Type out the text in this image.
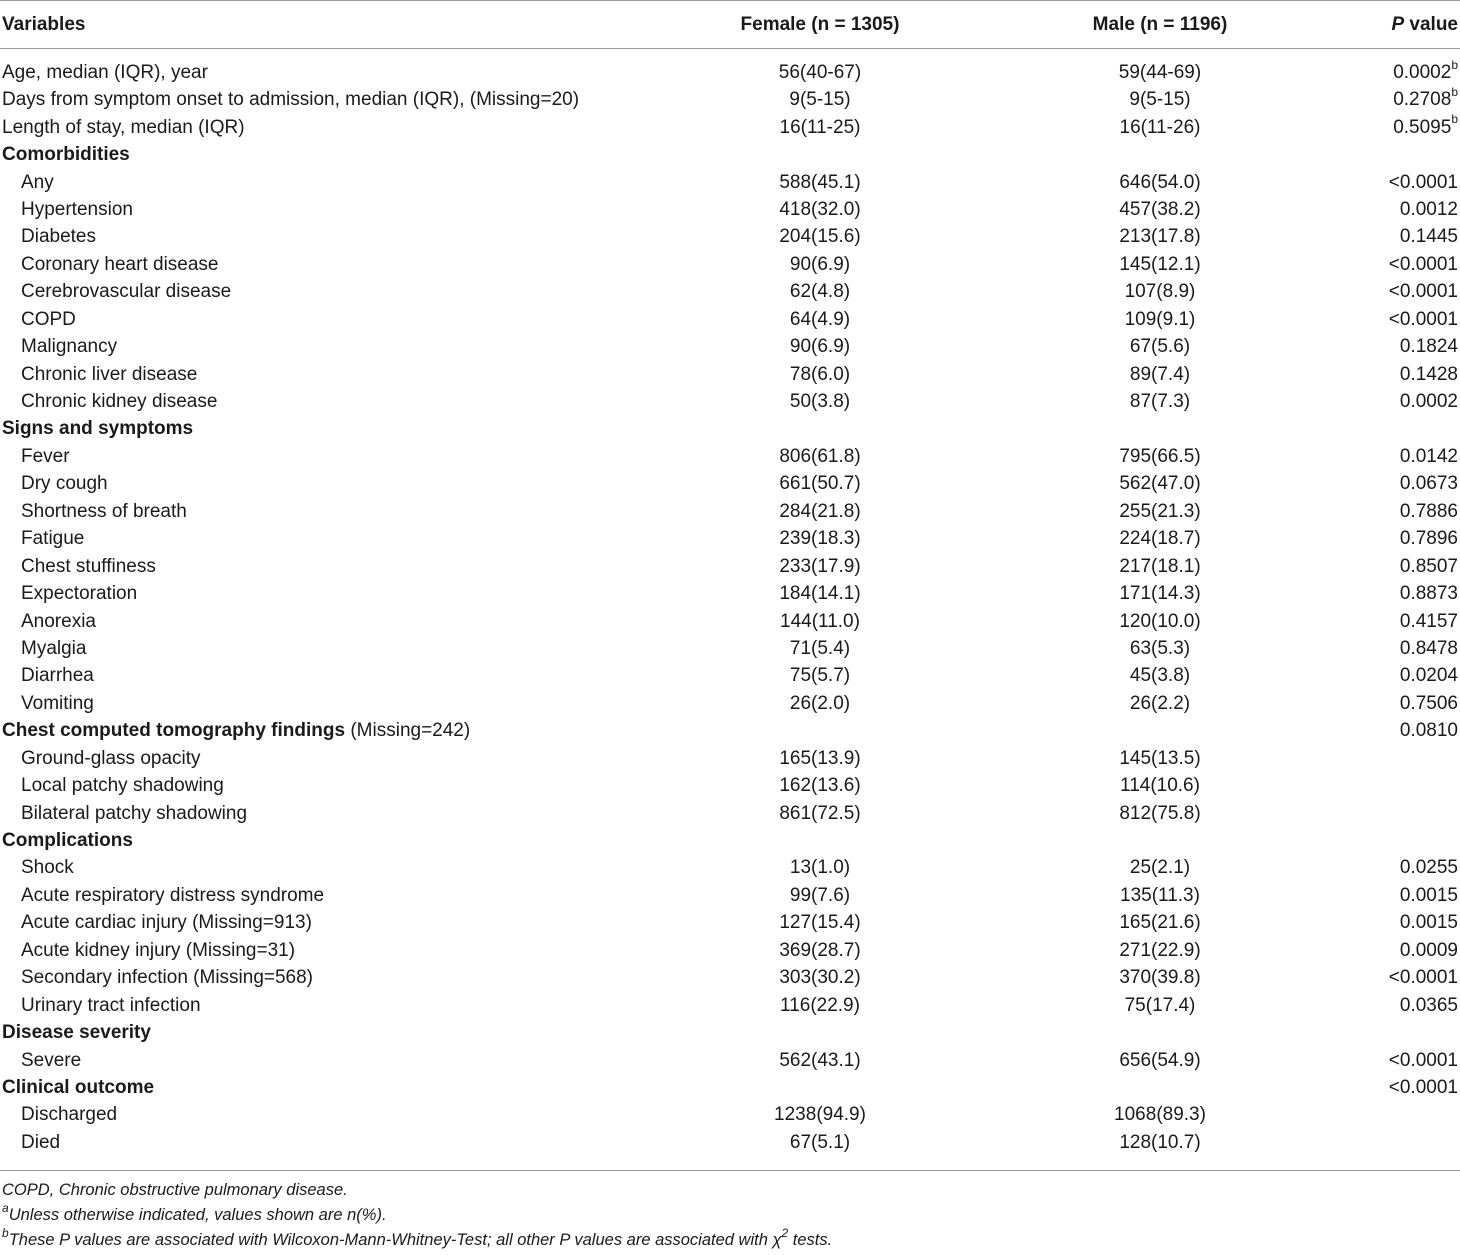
Variables	Female (n = 1305)	Male (n = 1196)	P value
Age, median (IQR), year	56(40-67)	59(44-69)	0.0002$^b$
Days from symptom onset to admission, median (IQR), (Missing=20)	9(5-15)	9(5-15)	0.2708$^b$
Length of stay, median (IQR)	16(11-25)	16(11-26)	0.5095$^b$
Comorbidities			
Any	588(45.1)	646(54.0)	<0.0001
Hypertension	418(32.0)	457(38.2)	0.0012
Diabetes	204(15.6)	213(17.8)	0.1445
Coronary heart disease	90(6.9)	145(12.1)	<0.0001
Cerebrovascular disease	62(4.8)	107(8.9)	<0.0001
COPD	64(4.9)	109(9.1)	<0.0001
Malignancy	90(6.9)	67(5.6)	0.1824
Chronic liver disease	78(6.0)	89(7.4)	0.1428
Chronic kidney disease	50(3.8)	87(7.3)	0.0002
Signs and symptoms			
Fever	806(61.8)	795(66.5)	0.0142
Dry cough	661(50.7)	562(47.0)	0.0673
Shortness of breath	284(21.8)	255(21.3)	0.7886
Fatigue	239(18.3)	224(18.7)	0.7896
Chest stuffiness	233(17.9)	217(18.1)	0.8507
Expectoration	184(14.1)	171(14.3)	0.8873
Anorexia	144(11.0)	120(10.0)	0.4157
Myalgia	71(5.4)	63(5.3)	0.8478
Diarrhea	75(5.7)	45(3.8)	0.0204
Vomiting	26(2.0)	26(2.2)	0.7506
Chest computed tomography findings (Missing=242)			0.0810
Ground-glass opacity	165(13.9)	145(13.5)	
Local patchy shadowing	162(13.6)	114(10.6)	
Bilateral patchy shadowing	861(72.5)	812(75.8)	
Complications			
Shock	13(1.0)	25(2.1)	0.0255
Acute respiratory distress syndrome	99(7.6)	135(11.3)	0.0015
Acute cardiac injury (Missing=913)	127(15.4)	165(21.6)	0.0015
Acute kidney injury (Missing=31)	369(28.7)	271(22.9)	0.0009
Secondary infection (Missing=568)	303(30.2)	370(39.8)	<0.0001
Urinary tract infection	116(22.9)	75(17.4)	0.0365
Disease severity			
Severe	562(43.1)	656(54.9)	<0.0001
Clinical outcome			<0.0001
Discharged	1238(94.9)	1068(89.3)	
Died	67(5.1)	128(10.7)	
COPD, Chronic obstructive pulmonary disease.
$^a$Unless otherwise indicated, values shown are n(%).
$^b$These P values are associated with Wilcoxon-Mann-Whitney-Test; all other P values are associated with $\chi^2$ tests.
